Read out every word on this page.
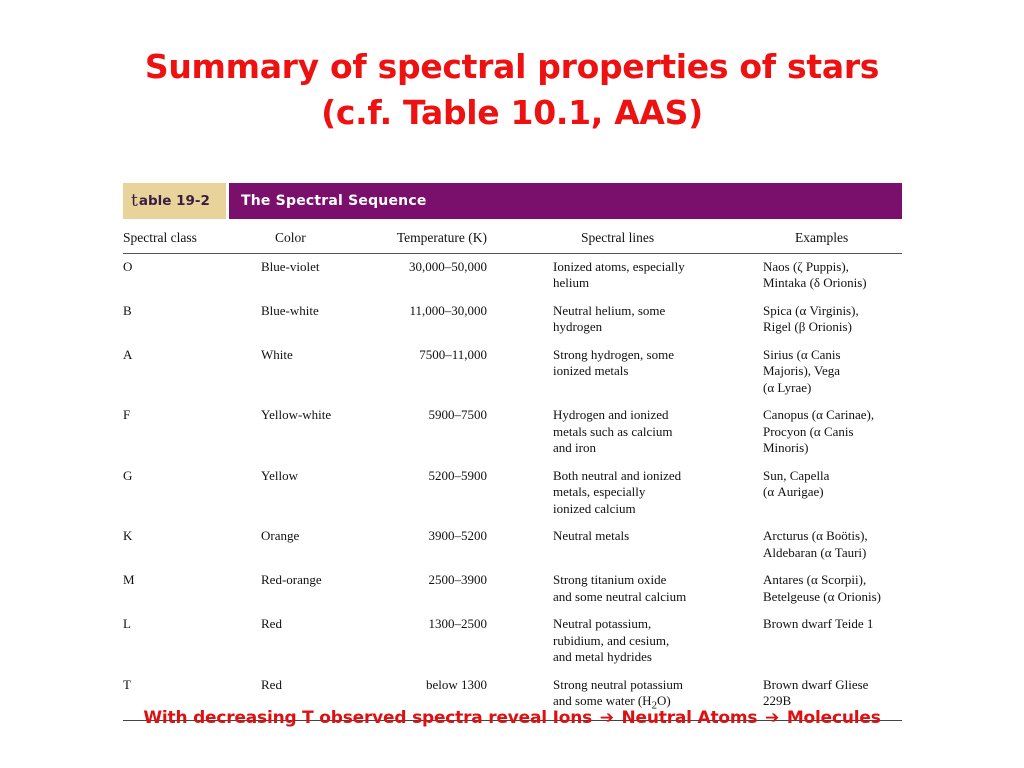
Summary of spectral properties of stars
(c.f. Table 10.1, AAS)
t able 19-2	The Spectral Sequence
Spectral class	Color	Temperature (K)		Spectral lines	Examples
O	Blue-violet	30,000–50,000		Ionized atoms, especially
helium	Naos (ζ Puppis),
Mintaka (δ Orionis)
B	Blue-white	11,000–30,000		Neutral helium, some
hydrogen	Spica (α Virginis),
Rigel (β Orionis)
A	White	7500–11,000		Strong hydrogen, some
ionized metals	Sirius (α Canis
Majoris), Vega
(α Lyrae)
F	Yellow-white	5900–7500		Hydrogen and ionized
metals such as calcium
and iron	Canopus (α Carinae),
Procyon (α Canis
Minoris)
G	Yellow	5200–5900		Both neutral and ionized
metals, especially
ionized calcium	Sun, Capella
(α Aurigae)
K	Orange	3900–5200		Neutral metals	Arcturus (α Boötis),
Aldebaran (α Tauri)
M	Red-orange	2500–3900		Strong titanium oxide
and some neutral calcium	Antares (α Scorpii),
Betelgeuse (α Orionis)
L	Red	1300–2500		Neutral potassium,
rubidium, and cesium,
and metal hydrides	Brown dwarf Teide 1
T	Red	below 1300		Strong neutral potassium
and some water $(H_2O)$	Brown dwarf Gliese
229B
With decreasing T observed spectra reveal Ions ➔ Neutral Atoms ➔ Molecules
